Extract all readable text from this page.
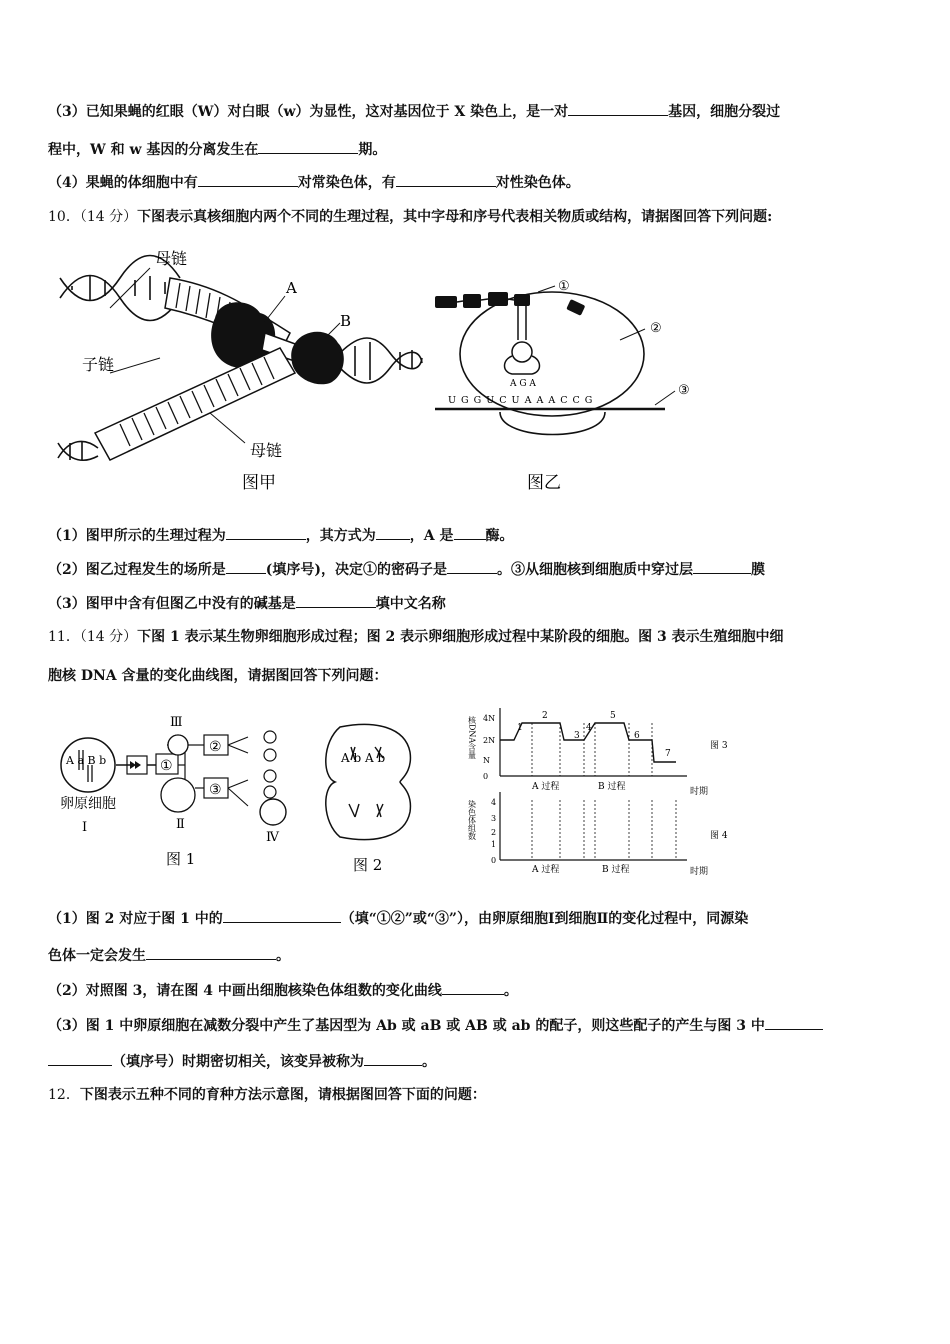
（3）已知果蝇的红眼（W）对白眼（w）为显性，这对基因位于 X 染色上，是一对	基因，细胞分裂过
程中，W 和 w 基因的分离发生在	期。
（4）果蝇的体细胞中有	对常染色体，有	对性染色体。
10．（14 分）下图表示真核细胞内两个不同的生理过程，其中字母和序号代表相关物质或结构，请据图回答下列问题:
母链
子链
母链
A
B
图甲
A G A
U G G U C U A A A C C G
①
②
③
图乙
（1）图甲所示的生理过程为	，其方式为 ，A 是 酶。
（2）图乙过程发生的场所是	(填序号)，决定①的密码子是	。③从细胞核到细胞质中穿过层	膜
（3）图甲中含有但图乙中没有的碱基是	填中文名称
11．（14 分）下图 1 表示某生物卵细胞形成过程；图 2 表示卵细胞形成过程中某阶段的细胞。图 3 表示生殖细胞中细
胞核 DNA 含量的变化曲线图，请据图回答下列问题：
A a B b	①
②
③
Ⅲ
Ⅱ
Ⅳ
卵原细胞
Ⅰ
图 1
A b A b
图 2
4N
2N
N
0
核DNA含量	1
2
3
4
5
6
7
A 过程	B 过程	时期
图 3
4
3
2
1
0
染色体组数
A 过程	B 过程	时期
图 4
（1）图 2 对应于图 1 中的	（填“①②”或“③”），由卵原细胞Ⅰ到细胞Ⅱ的变化过程中，同源染
色体一定会发生	。
（2）对照图 3，请在图 4 中画出细胞核染色体组数的变化曲线	。
（3）图 1 中卵原细胞在减数分裂中产生了基因型为 Ab 或 aB 或 AB 或 ab 的配子，则这些配子的产生与图 3 中
（填序号）时期密切相关，该变异被称为	。
12．下图表示五种不同的育种方法示意图，请根据图回答下面的问题：
